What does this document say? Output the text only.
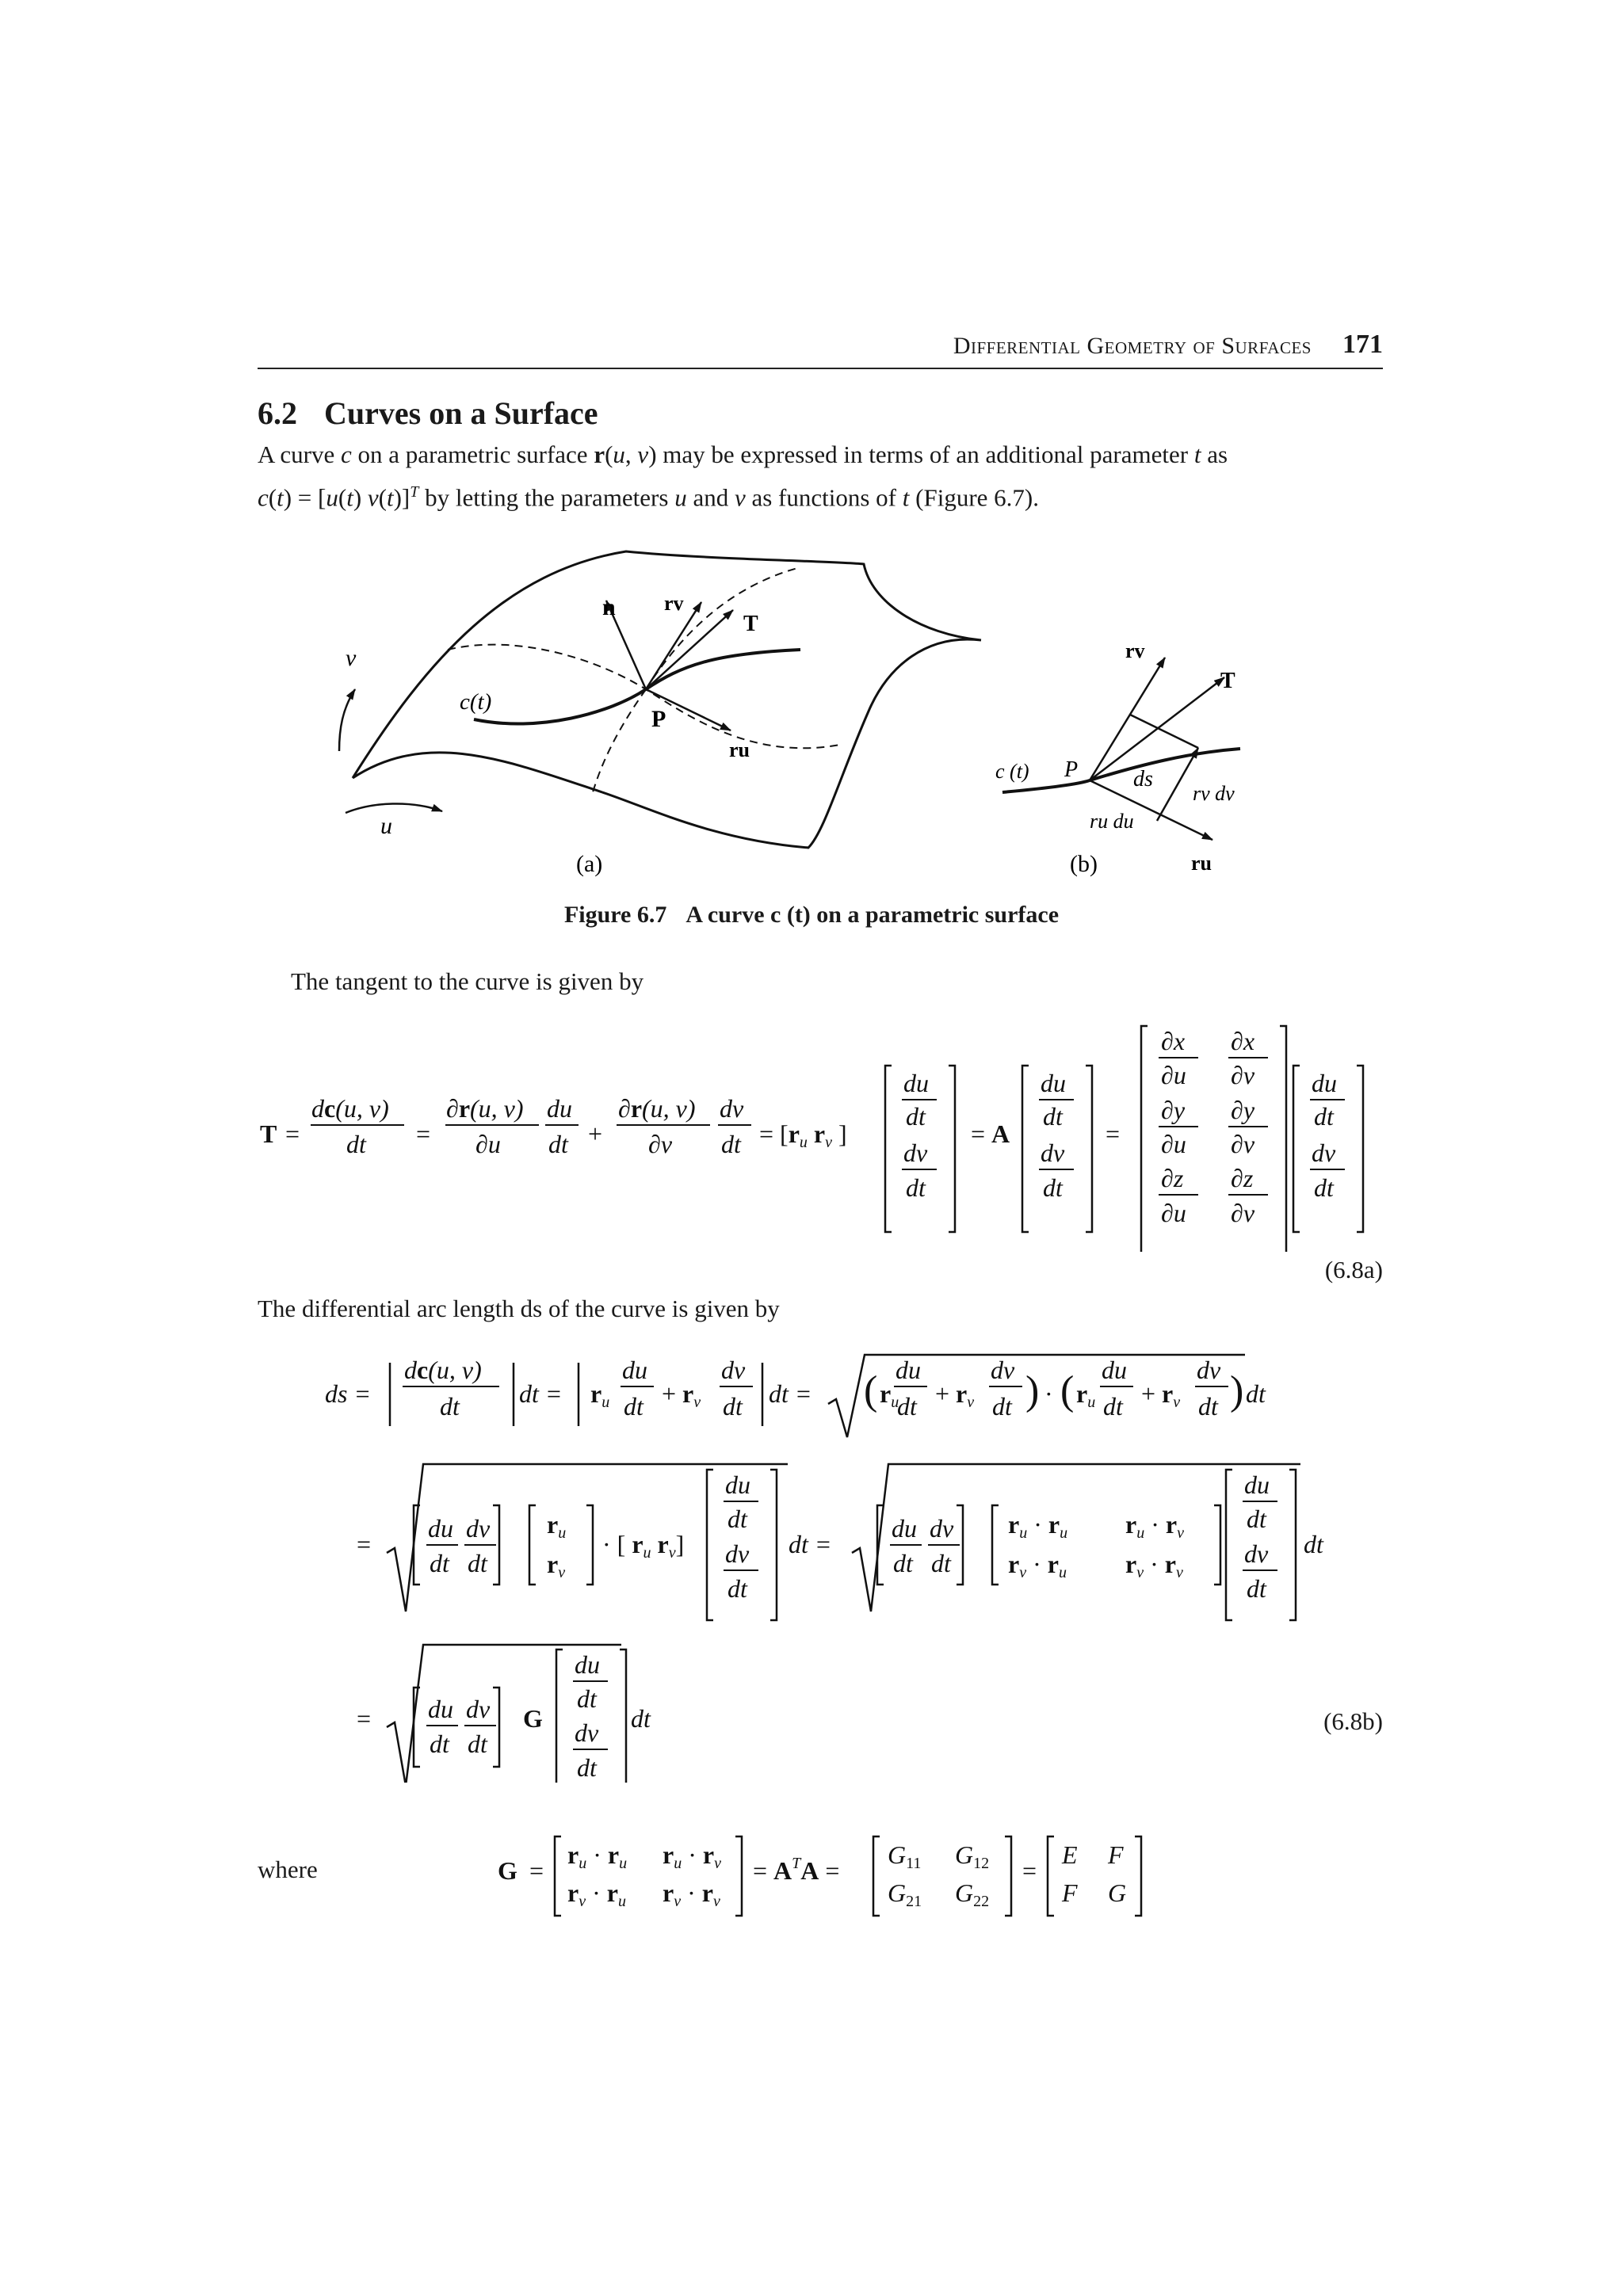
Differential Geometry of Surfaces 171
6.2 Curves on a Surface
A curve c on a parametric surface r(u, v) may be expressed in terms of an additional parameter t as
c(t) = [u(t) v(t)]$^T$ by letting the parameters u and v as functions of t (Figure 6.7).
v
u
c(t)
P
n rv
T
ru
(a)
rv
T
c (t) P ds
rv dv
ru du
ru
(b)
Figure 6.7 A curve c (t) on a parametric surface
The tangent to the curve is given by
T =
dc(u, v)
dt =
∂r(u, v)
∂u
du
dt +
∂r(u, v)
∂v
dv
dt = [ru rv ]
du
dt
dv
dt
= A
du
dt
dv
dt
=
∂x
∂u
∂x
∂v
∂y
∂u
∂y
∂v
∂z
∂u
∂z
∂v
du
dt
dv
dt
(6.8a)
The differential arc length ds of the curve is given by
ds =
dc(u, v)
dt dt = ru
du
dt + rv
dv
dt dt = ( ru
du
dt + rv
dv
dt ) · ( ru
du
dt + rv
dv
dt ) dt
=
du
dt
dv
dt
ru
rv
· [ ru rv]
du
dt
dv
dt
dt =
du
dt
dv
dt
ru · ru ru · rv
rv · ru rv · rv
du
dt
dv
dt
dt
= du
dt
dv
dt
G
du
dt
dv
dt
dt	(6.8b)
where	G =
ru · ru ru · rv
rv · ru rv · rv
= $A^TA$ =
G11 G12
G21 G22
=
E F
F G
